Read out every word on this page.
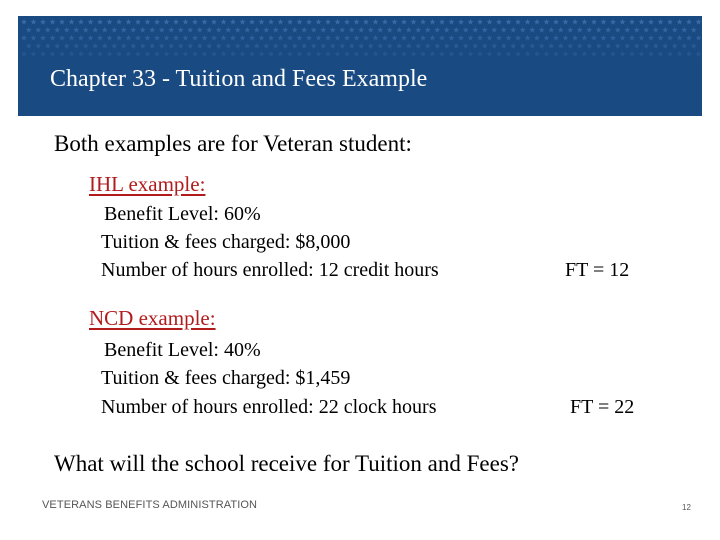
Chapter 33 - Tuition and Fees Example
Both examples are for Veteran student:
IHL example:
Benefit Level: 60%
Tuition & fees charged: $8,000
Number of hours enrolled: 12 credit hours	FT = 12
NCD example:
Benefit Level: 40%
Tuition & fees charged: $1,459
Number of hours enrolled: 22 clock hours	FT = 22
What will the school receive for Tuition and Fees?
VETERANS BENEFITS ADMINISTRATION	12
